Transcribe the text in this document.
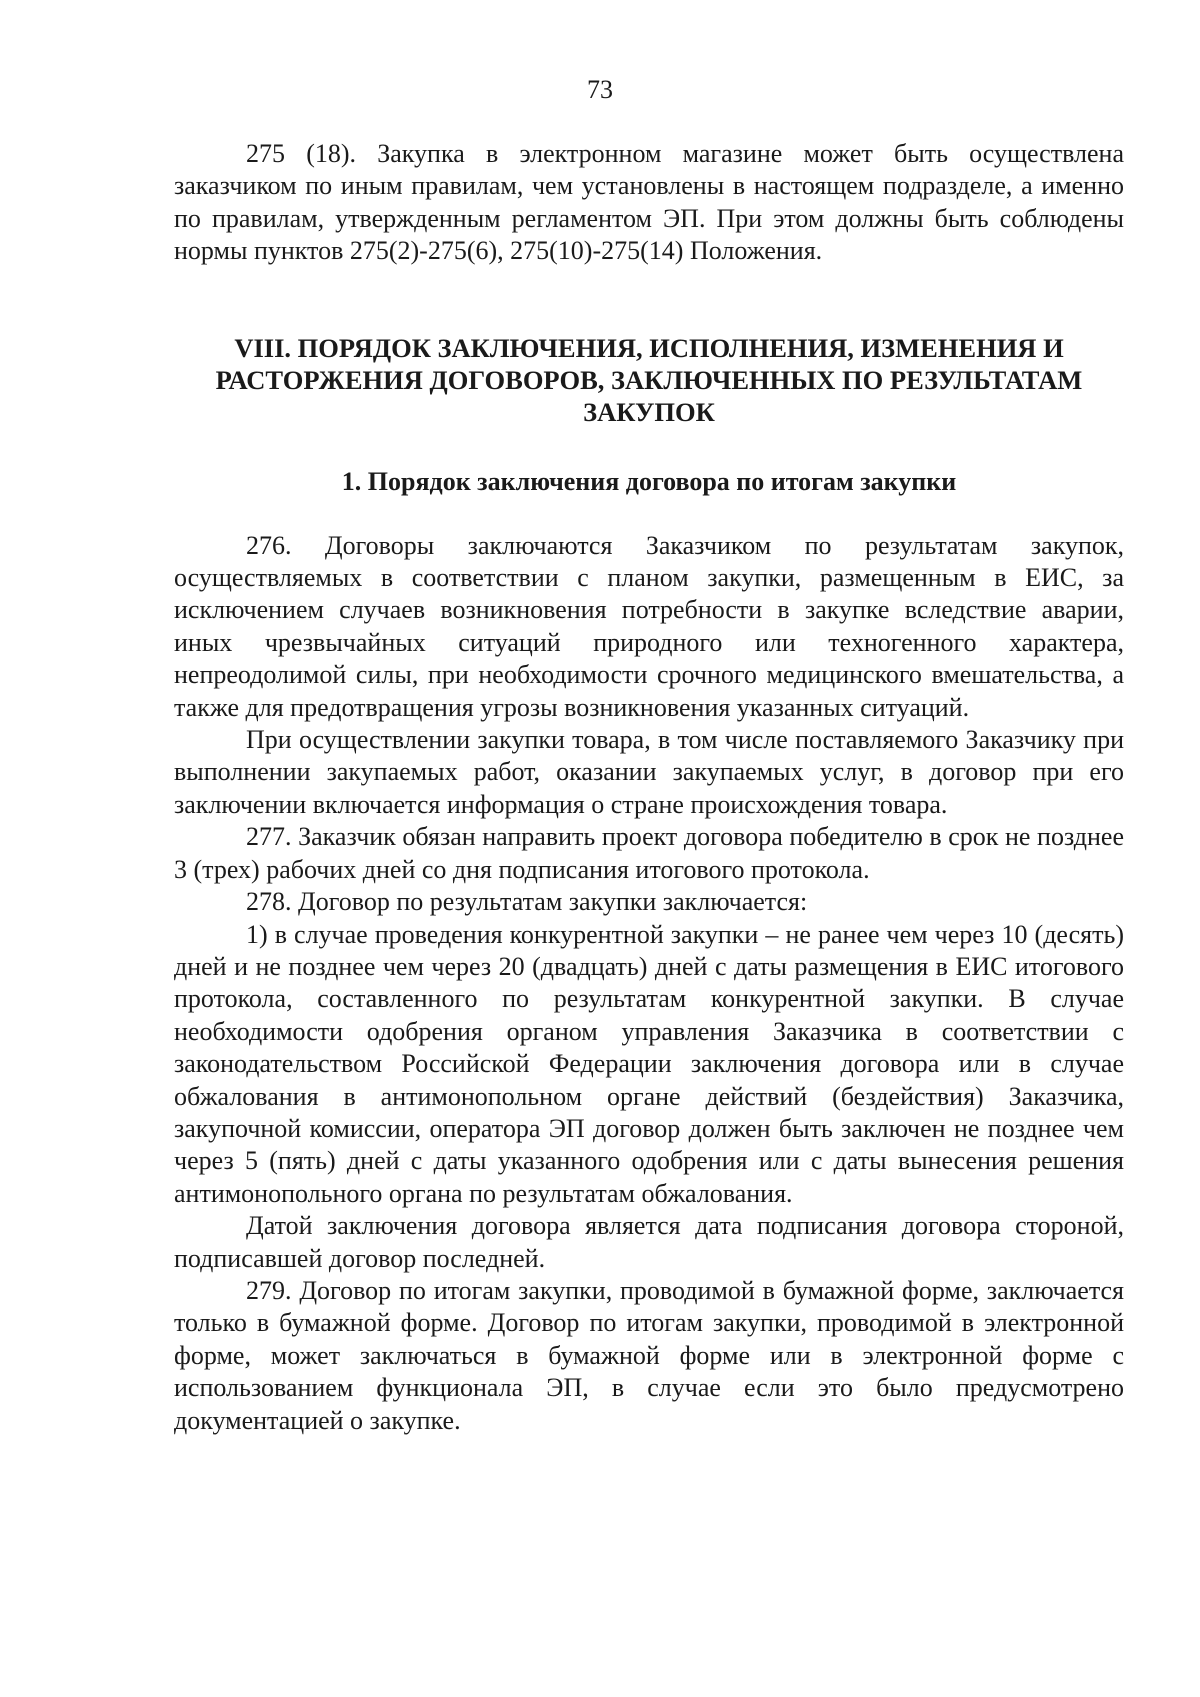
73

275 (18). Закупка в электронном магазине может быть осуществлена заказчиком по иным правилам, чем установлены в настоящем подразделе, а именно по правилам, утвержденным регламентом ЭП. При этом должны быть соблюдены нормы пунктов 275(2)-275(6), 275(10)-275(14) Положения.

VIII. ПОРЯДОК ЗАКЛЮЧЕНИЯ, ИСПОЛНЕНИЯ, ИЗМЕНЕНИЯ И
РАСТОРЖЕНИЯ ДОГОВОРОВ, ЗАКЛЮЧЕННЫХ ПО РЕЗУЛЬТАТАМ
ЗАКУПОК
1. Порядок заключения договора по итогам закупки

276. Договоры заключаются Заказчиком по результатам закупок, осуществляемых в соответствии с планом закупки, размещенным в ЕИС, за исключением случаев возникновения потребности в закупке вследствие аварии, иных чрезвычайных ситуаций природного или техногенного характера, непреодолимой силы, при необходимости срочного медицинского вмешательства, а также для предотвращения угрозы возникновения указанных ситуаций.

При осуществлении закупки товара, в том числе поставляемого Заказчику при выполнении закупаемых работ, оказании закупаемых услуг, в договор при его заключении включается информация о стране происхождения товара.

277. Заказчик обязан направить проект договора победителю в срок не позднее 3 (трех) рабочих дней со дня подписания итогового протокола.

278. Договор по результатам закупки заключается:

1) в случае проведения конкурентной закупки – не ранее чем через 10 (десять) дней и не позднее чем через 20 (двадцать) дней с даты размещения в ЕИС итогового протокола, составленного по результатам конкурентной закупки. В случае необходимости одобрения органом управления Заказчика в соответствии с законодательством Российской Федерации заключения договора или в случае обжалования в антимонопольном органе действий (бездействия) Заказчика, закупочной комиссии, оператора ЭП договор должен быть заключен не позднее чем через 5 (пять) дней с даты указанного одобрения или с даты вынесения решения антимонопольного органа по результатам обжалования.

Датой заключения договора является дата подписания договора стороной, подписавшей договор последней.

279. Договор по итогам закупки, проводимой в бумажной форме, заключается только в бумажной форме. Договор по итогам закупки, проводимой в электронной форме, может заключаться в бумажной форме или в электронной форме с использованием функционала ЭП, в случае если это было предусмотрено документацией о закупке.
